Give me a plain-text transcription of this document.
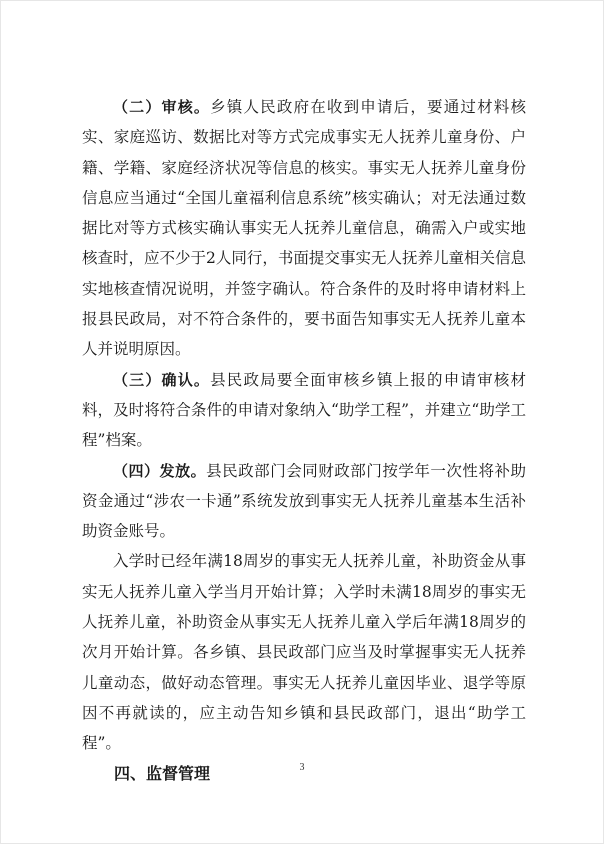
（二）审核。乡镇人民政府在收到申请后，要通过材料核实、家庭巡访、数据比对等方式完成事实无人抚养儿童身份、户籍、学籍、家庭经济状况等信息的核实。事实无人抚养儿童身份信息应当通过“全国儿童福利信息系统”核实确认；对无法通过数据比对等方式核实确认事实无人抚养儿童信息，确需入户或实地核查时，应不少于2人同行，书面提交事实无人抚养儿童相关信息实地核查情况说明，并签字确认。符合条件的及时将申请材料上报县民政局，对不符合条件的，要书面告知事实无人抚养儿童本人并说明原因。

（三）确认。县民政局要全面审核乡镇上报的申请审核材料，及时将符合条件的申请对象纳入“助学工程”，并建立“助学工程”档案。

（四）发放。县民政部门会同财政部门按学年一次性将补助资金通过“涉农一卡通”系统发放到事实无人抚养儿童基本生活补助资金账号。

入学时已经年满18周岁的事实无人抚养儿童，补助资金从事实无人抚养儿童入学当月开始计算；入学时未满18周岁的事实无人抚养儿童，补助资金从事实无人抚养儿童入学后年满18周岁的次月开始计算。各乡镇、县民政部门应当及时掌握事实无人抚养儿童动态，做好动态管理。事实无人抚养儿童因毕业、退学等原因不再就读的，应主动告知乡镇和县民政部门，退出“助学工程”。

四、监督管理	3
